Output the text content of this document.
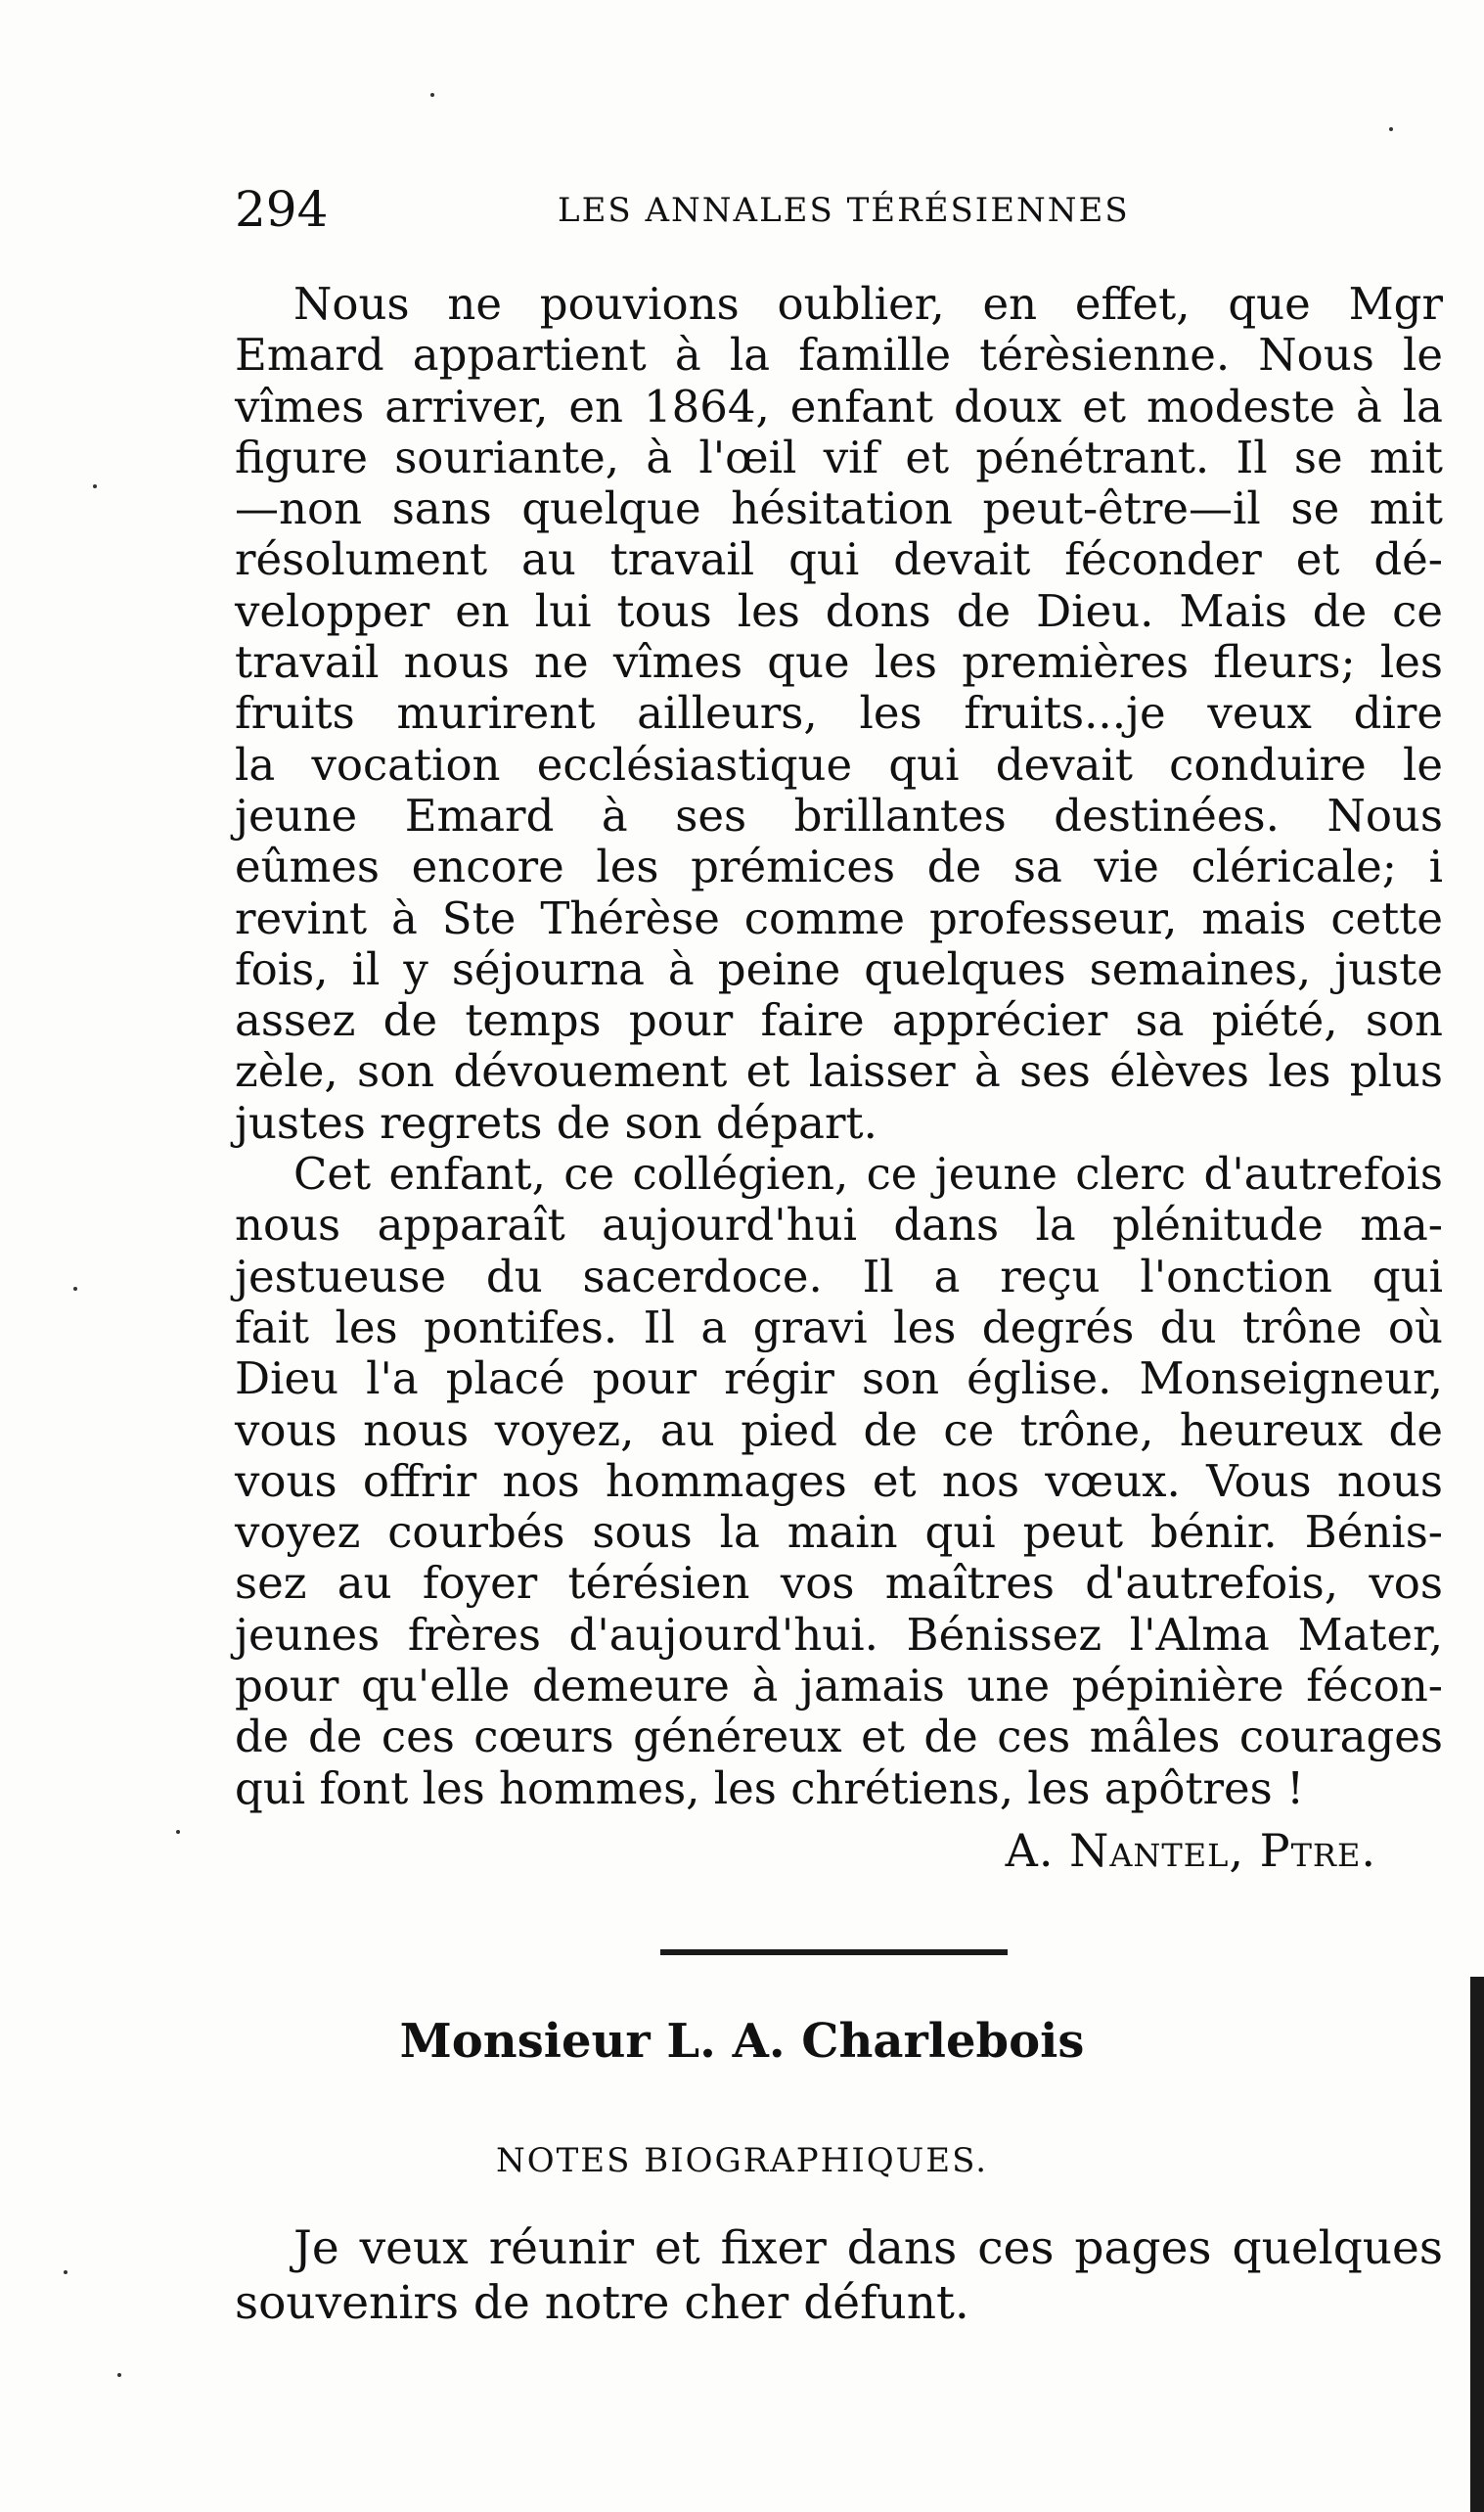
294	LES ANNALES TÉRÉSIENNES
Nous ne pouvions oublier, en effet, que Mgr
Emard appartient à la famille térèsienne. Nous le
vîmes arriver, en 1864, enfant doux et modeste à la
figure souriante, à l'œil vif et pénétrant. Il se mit
—non sans quelque hésitation peut-être—il se mit
résolument au travail qui devait féconder et dé-
velopper en lui tous les dons de Dieu. Mais de ce
travail nous ne vîmes que les premières fleurs; les
fruits murirent ailleurs, les fruits...je veux dire
la vocation ecclésiastique qui devait conduire le
jeune Emard à ses brillantes destinées. Nous
eûmes encore les prémices de sa vie cléricale; i
revint à Ste Thérèse comme professeur, mais cette
fois, il y séjourna à peine quelques semaines, juste
assez de temps pour faire apprécier sa piété, son
zèle, son dévouement et laisser à ses élèves les plus
justes regrets de son départ.
Cet enfant, ce collégien, ce jeune clerc d'autrefois
nous apparaît aujourd'hui dans la plénitude ma-
jestueuse du sacerdoce. Il a reçu l'onction qui
fait les pontifes. Il a gravi les degrés du trône où
Dieu l'a placé pour régir son église. Monseigneur,
vous nous voyez, au pied de ce trône, heureux de
vous offrir nos hommages et nos vœux. Vous nous
voyez courbés sous la main qui peut bénir. Bénis-
sez au foyer térésien vos maîtres d'autrefois, vos
jeunes frères d'aujourd'hui. Bénissez l'Alma Mater,
pour qu'elle demeure à jamais une pépinière fécon-
de de ces cœurs généreux et de ces mâles courages
qui font les hommes, les chrétiens, les apôtres !
A. Nantel, Ptre.
Monsieur L. A. Charlebois
NOTES BIOGRAPHIQUES.
Je veux réunir et fixer dans ces pages quelques
souvenirs de notre cher défunt.
